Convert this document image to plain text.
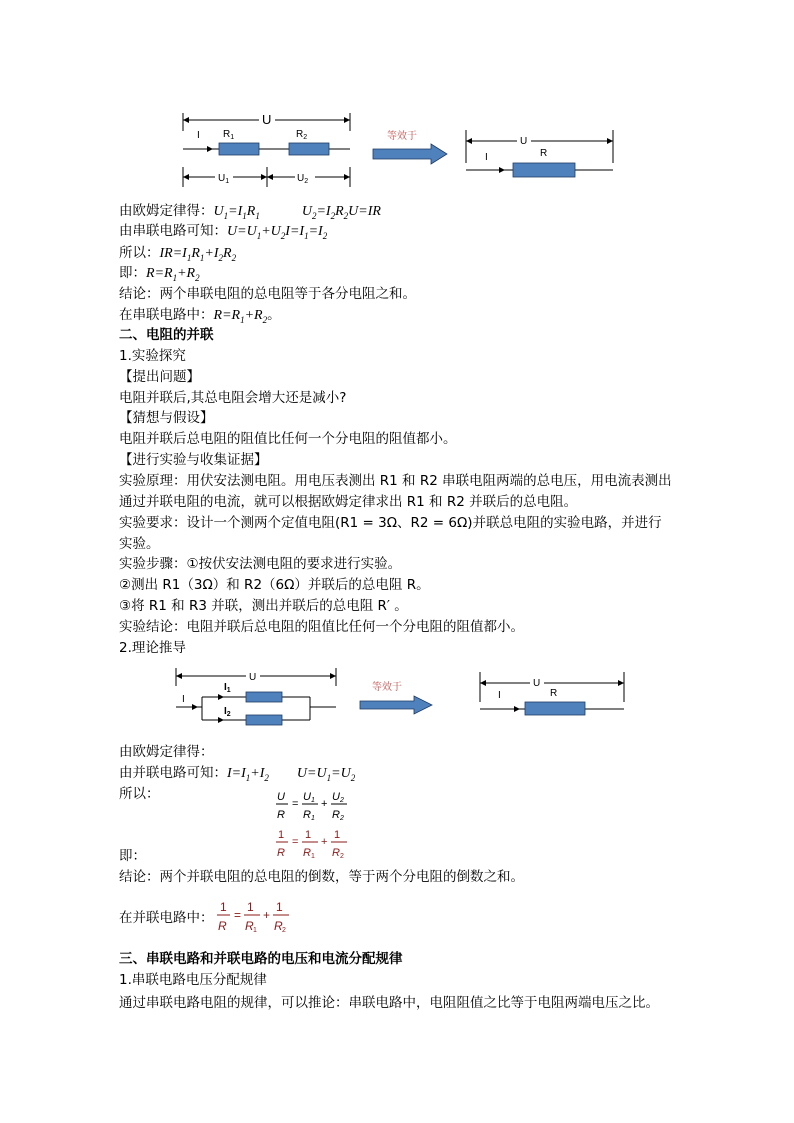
U
I $R_1$	$R_2$
$U_1$	$U_2$
等效于	U
I	R
由欧姆定律得：$U_1=I_1R_1$　　　	$U_2=I_2R_2U=IR$
由串联电路可知：$U=U_1+U_2I=I_1=I_2$
所以：$IR=I_1R_1+I_2R_2$
即：$R=R_1+R_2$
结论：两个串联电阻的总电阻等于各分电阻之和。
在串联电路中：$R=R_1+R_2$。
二、电阻的并联
1.实验探究
【提出问题】
电阻并联后,其总电阻会增大还是减小?
【猜想与假设】
电阻并联后总电阻的阻值比任何一个分电阻的阻值都小。
【进行实验与收集证据】
实验原理：用伏安法测电阻。用电压表测出 R1 和 R2 串联电阻两端的总电压，用电流表测出
通过并联电阻的电流，就可以根据欧姆定律求出 R1 和 R2 并联后的总电阻。
实验要求：设计一个测两个定值电阻(R1 = 3Ω、R2 = 6Ω)并联总电阻的实验电路，并进行
实验。
实验步骤：①按伏安法测电阻的要求进行实验。
②测出 R1（3Ω）和 R2（6Ω）并联后的总电阻 R。
③将 R1 和 R3 并联，测出并联后的总电阻 R′ 。
实验结论：电阻并联后总电阻的阻值比任何一个分电阻的阻值都小。
2.理论推导
U
I
$I_1$
$I_2$
等效于	U
I	R
由欧姆定律得：
由并联电路可知：$I=I_1+I_2$　　 $U=U_1=U_2$
所以：	U
R
=
U 1
R 1
+
U 2
R 2
1
R
=
1
R 1
+
1
R 2
即：
结论：两个并联电阻的总电阻的倒数，等于两个分电阻的倒数之和。
在并联电路中：
1
R
=
1
R 1
+
1
R 2
三、串联电路和并联电路的电压和电流分配规律
1.串联电路电压分配规律
通过串联电路电阻的规律，可以推论：串联电路中，电阻阻值之比等于电阻两端电压之比。
